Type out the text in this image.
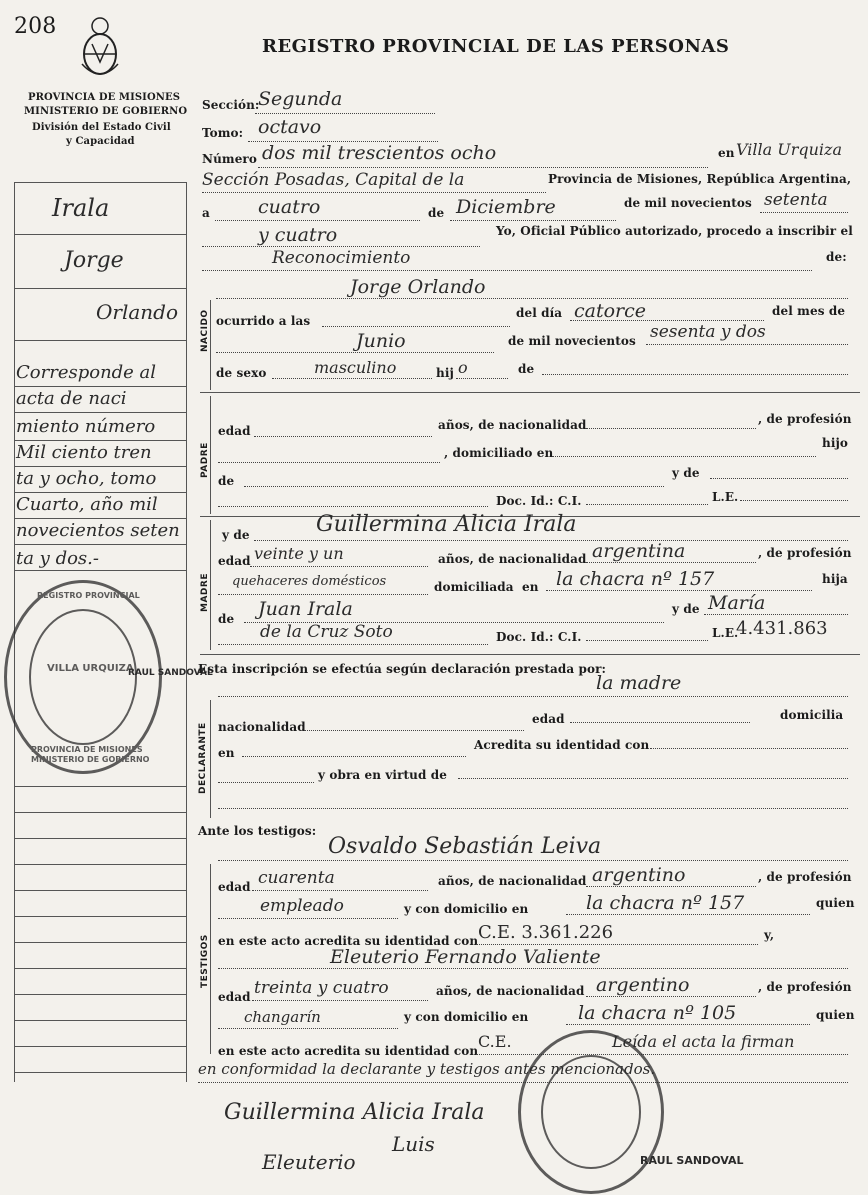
208
REGISTRO PROVINCIAL DE LAS PERSONAS
PROVINCIA DE MISIONES
MINISTERIO DE GOBIERNO
División del Estado Civil
y Capacidad
Irala
Jorge
Orlando
Corresponde al
acta de naci
miento número
Mil ciento tren
ta y ocho, tomo
Cuarto, año mil
novecientos seten
ta y dos.-
REGISTRO PROVINCIAL
VILLA URQUIZA
PROVINCIA DE MISIONES
MINISTERIO DE GOBIERNO
RAUL SANDOVAL
Sección:
Segunda
Tomo: octavo
Número dos mil trescientos ocho	en Villa Urquiza
Sección Posadas, Capital de la	Provincia de Misiones, República Argentina,
a	cuatro	de Diciembre	de mil novecientos setenta
y cuatro	Yo, Oficial Público autorizado, procedo a inscribir el
Reconocimiento	de:
NACIDO
Jorge Orlando
ocurrido a las
del día catorce	del mes de
Junio	de mil novecientos sesenta y dos
de sexo	masculino	hij o	de
PADRE
edad	años, de nacionalidad	, de profesión
, domiciliado en
hijo
de
y de
Doc. Id.: C.I.	L.E.
MADRE
y de	Guillermina Alicia Irala
edad veinte y un	años, de nacionalidad argentina	, de profesión
quehaceres domésticos	domiciliada en la chacra nº 157	hija
de Juan Irala	y de María
de la Cruz Soto	Doc. Id.: C.I.	L.E.
4.431.863
Esta inscripción se efectúa según declaración prestada por:
la madre
DECLARANTE nacionalidad
edad	domicilia
en
Acredita su identidad con
y obra en virtud de
Ante los testigos:
Osvaldo Sebastián Leiva
TESTIGOS
edad cuarenta	años, de nacionalidad argentino	, de profesión
empleado	y con domicilio en	la chacra nº 157	quien
en este acto acredita su identidad con C.E. 3.361.226	y,
Eleuterio Fernando Valiente
edad treinta y cuatro	años, de nacionalidad argentino	, de profesión
changarín	y con domicilio en	la chacra nº 105	quien
en este acto acredita su identidad con C.E.	Leída el acta la firman
en conformidad la declarante y testigos antes mencionados.
Guillermina Alicia Irala
Luis
Eleuterio	RAUL SANDOVAL
